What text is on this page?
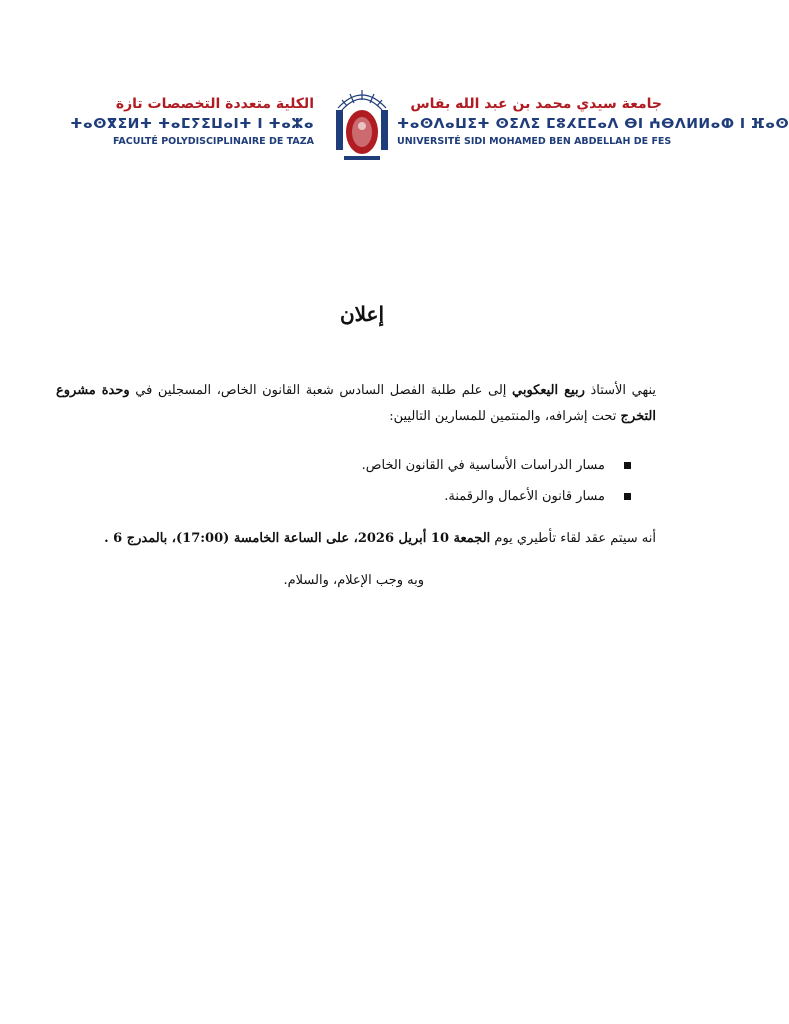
الكلية متعددة التخصصات تازة
ⵜⴰⵙⴳⵉⵍⵜ ⵜⴰⵎⵢⵉⵡⴰⵏⵜ ⵏ ⵜⴰⵣⴰ
FACULTÉ POLYDISCIPLINAIRE DE TAZA
جامعة سيدي محمد بن عبد الله بفاس
ⵜⴰⵙⴷⴰⵡⵉⵜ ⵙⵉⴷⵉ ⵎⵓⵃⵎⵎⴰⴷ ⴱⵏ ⵄⴱⴷⵍⵍⴰⵀ ⵏ ⴼⴰⵙ
UNIVERSITÉ SIDI MOHAMED BEN ABDELLAH DE FES
إعلان
ينهي الأستاذ ربيع اليعكوبي إلى علم طلبة الفصل السادس شعبة القانون الخاص، المسجلين في وحدة مشروع التخرج تحت إشرافه، والمنتمين للمسارين التاليين:
مسار الدراسات الأساسية في القانون الخاص.
مسار قانون الأعمال والرقمنة.
أنه سيتم عقد لقاء تأطيري يوم الجمعة 10 أبريل 2026، على الساعة الخامسة (17:00)، بالمدرج 6 .
وبه وجب الإعلام، والسلام.
